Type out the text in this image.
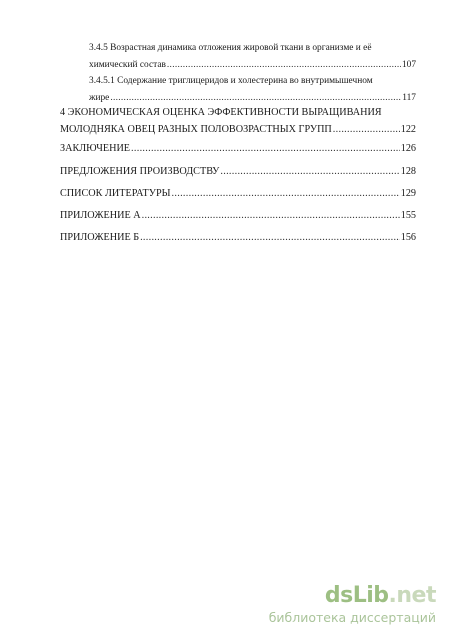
3.4.5 Возрастная динамика отложения жировой ткани в организме и её
химический состав .....	107
3.4.5.1 Содержание триглицеридов и холестерина во внутримышечном
жире .....	117
4 ЭКОНОМИЧЕСКАЯ ОЦЕНКА ЭФФЕКТИВНОСТИ ВЫРАЩИВАНИЯ
МОЛОДНЯКА ОВЕЦ РАЗНЫХ ПОЛОВОЗРАСТНЫХ ГРУПП .....	122
ЗАКЛЮЧЕНИЕ .....	126
ПРЕДЛОЖЕНИЯ ПРОИЗВОДСТВУ .....	128
СПИСОК ЛИТЕРАТУРЫ .....	129
ПРИЛОЖЕНИЕ А .....	155
ПРИЛОЖЕНИЕ Б .....	156
dsLib.net
библиотека диссертаций
